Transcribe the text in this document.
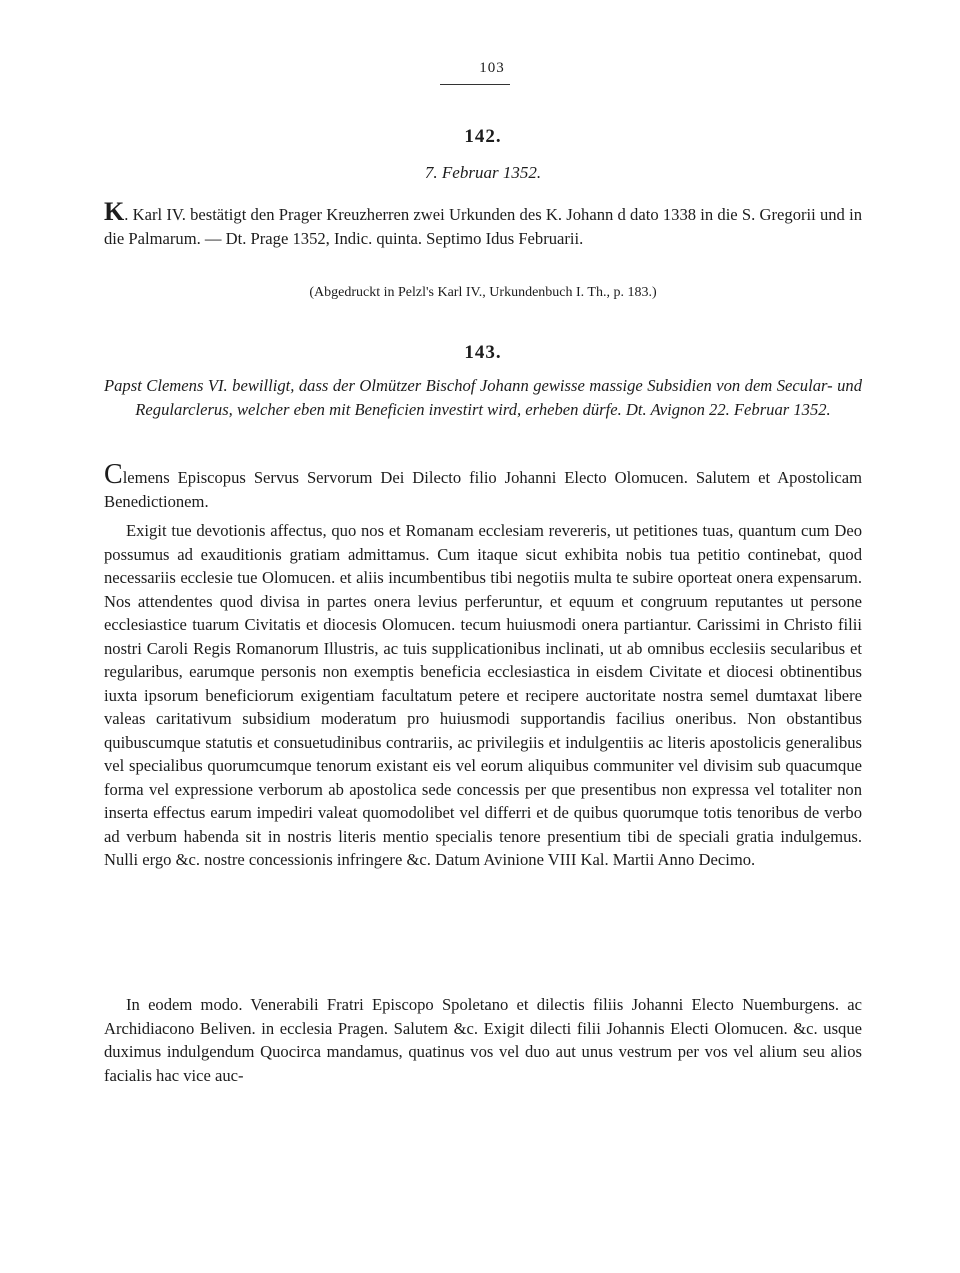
103
142.
7. Februar 1352.
K. Karl IV. bestätigt den Prager Kreuzherren zwei Urkunden des K. Johann d dato 1338 in die S. Gregorii und in die Palmarum. — Dt. Prage 1352, Indic. quinta. Septimo Idus Februarii.
(Abgedruckt in Pelzl's Karl IV., Urkundenbuch I. Th., p. 183.)
143.
Papst Clemens VI. bewilligt, dass der Olmützer Bischof Johann gewisse massige Subsidien von dem Secular- und Regularclerus, welcher eben mit Beneficien investirt wird, erheben dürfe. Dt. Avignon 22. Februar 1352.
Clemens Episcopus Servus Servorum Dei Dilecto filio Johanni Electo Olomucen. Salutem et Apostolicam Benedictionem.
Exigit tue devotionis affectus, quo nos et Romanam ecclesiam revereris, ut petitiones tuas, quantum cum Deo possumus ad exauditionis gratiam admittamus. Cum itaque sicut exhibita nobis tua petitio continebat, quod necessariis ecclesie tue Olomucen. et aliis incumbentibus tibi negotiis multa te subire oporteat onera expensarum. Nos attendentes quod divisa in partes onera levius perferuntur, et equum et congruum reputantes ut persone ecclesiastice tuarum Civitatis et diocesis Olomucen. tecum huiusmodi onera partiantur. Carissimi in Christo filii nostri Caroli Regis Romanorum Illustris, ac tuis supplicationibus inclinati, ut ab omnibus ecclesiis secularibus et regularibus, earumque personis non exemptis beneficia ecclesiastica in eisdem Civitate et diocesi obtinentibus iuxta ipsorum beneficiorum exigentiam facultatum petere et recipere auctoritate nostra semel dumtaxat libere valeas caritativum subsidium moderatum pro huiusmodi supportandis facilius oneribus. Non obstantibus quibuscumque statutis et consuetudinibus contrariis, ac privilegiis et indulgentiis ac literis apostolicis generalibus vel specialibus quorumcumque tenorum existant eis vel eorum aliquibus communiter vel divisim sub quacumque forma vel expressione verborum ab apostolica sede concessis per que presentibus non expressa vel totaliter non inserta effectus earum impediri valeat quomodolibet vel differri et de quibus quorumque totis tenoribus de verbo ad verbum habenda sit in nostris literis mentio specialis tenore presentium tibi de speciali gratia indulgemus. Nulli ergo &c. nostre concessionis infringere &c. Datum Avinione VIII Kal. Martii Anno Decimo.
In eodem modo. Venerabili Fratri Episcopo Spoletano et dilectis filiis Johanni Electo Nuemburgens. ac Archidiacono Beliven. in ecclesia Pragen. Salutem &c. Exigit dilecti filii Johannis Electi Olomucen. &c. usque duximus indulgendum Quocirca mandamus, quatinus vos vel duo aut unus vestrum per vos vel alium seu alios facialis hac vice auc-
